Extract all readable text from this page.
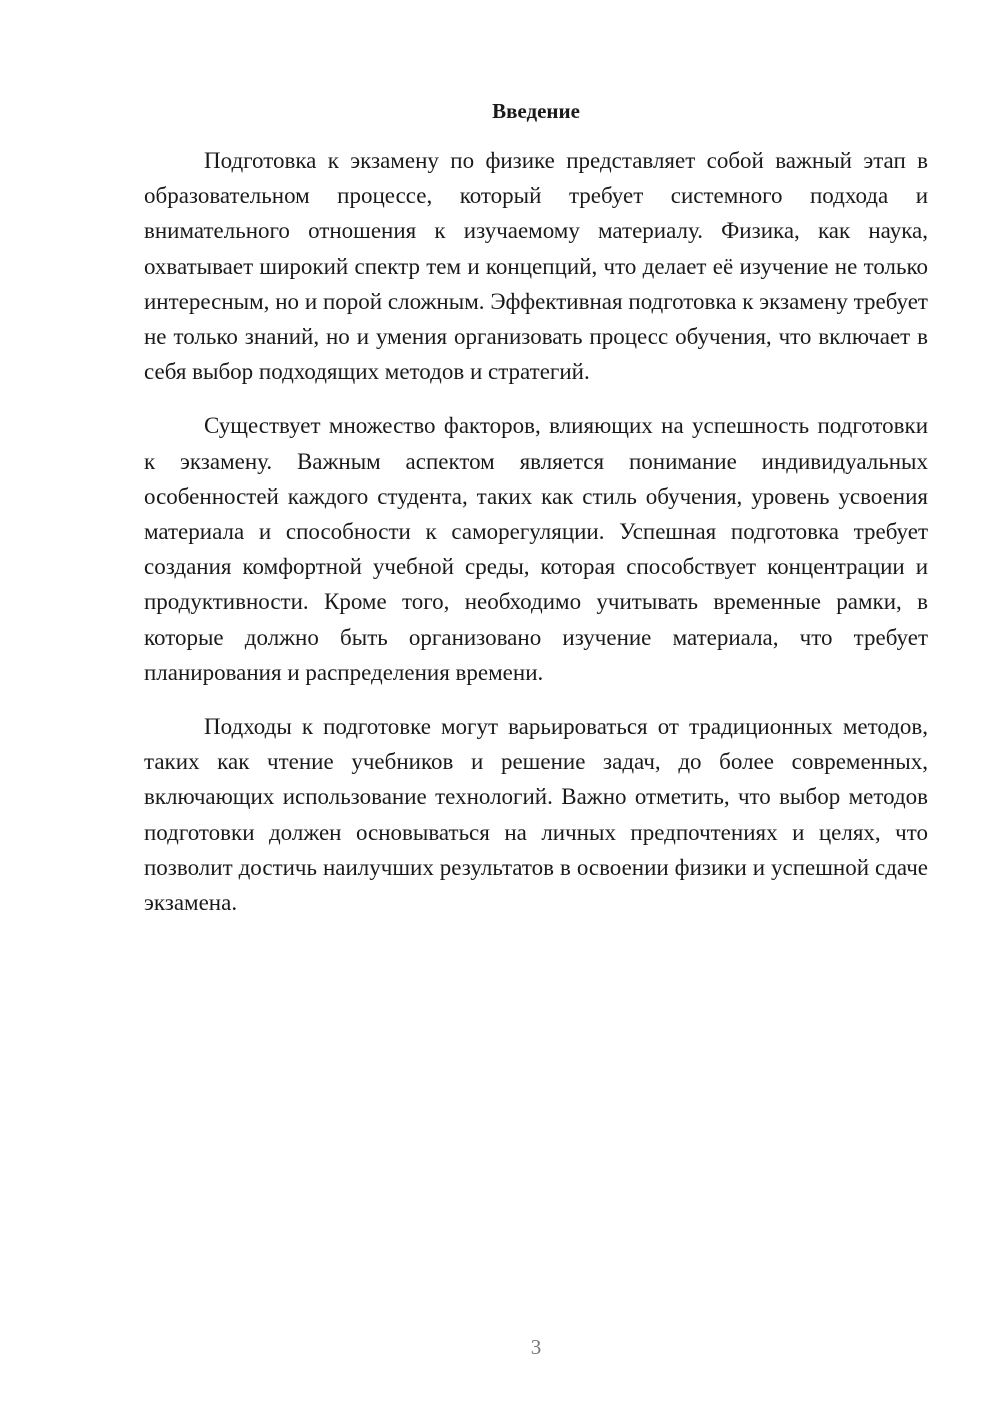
Введение

Подготовка к экзамену по физике представляет собой важный этап в образовательном процессе, который требует системного подхода и внимательного отношения к изучаемому материалу. Физика, как наука, охватывает широкий спектр тем и концепций, что делает её изучение не только интересным, но и порой сложным. Эффективная подготовка к экзамену требует не только знаний, но и умения организовать процесс обучения, что включает в себя выбор подходящих методов и стратегий.

Существует множество факторов, влияющих на успешность подготовки к экзамену. Важным аспектом является понимание индивидуальных особенностей каждого студента, таких как стиль обучения, уровень усвоения материала и способности к саморегуляции. Успешная подготовка требует создания комфортной учебной среды, которая способствует концентрации и продуктивности. Кроме того, необходимо учитывать временные рамки, в которые должно быть организовано изучение материала, что требует планирования и распределения времени.

Подходы к подготовке могут варьироваться от традиционных методов, таких как чтение учебников и решение задач, до более современных, включающих использование технологий. Важно отметить, что выбор методов подготовки должен основываться на личных предпочтениях и целях, что позволит достичь наилучших результатов в освоении физики и успешной сдаче экзамена.

3
